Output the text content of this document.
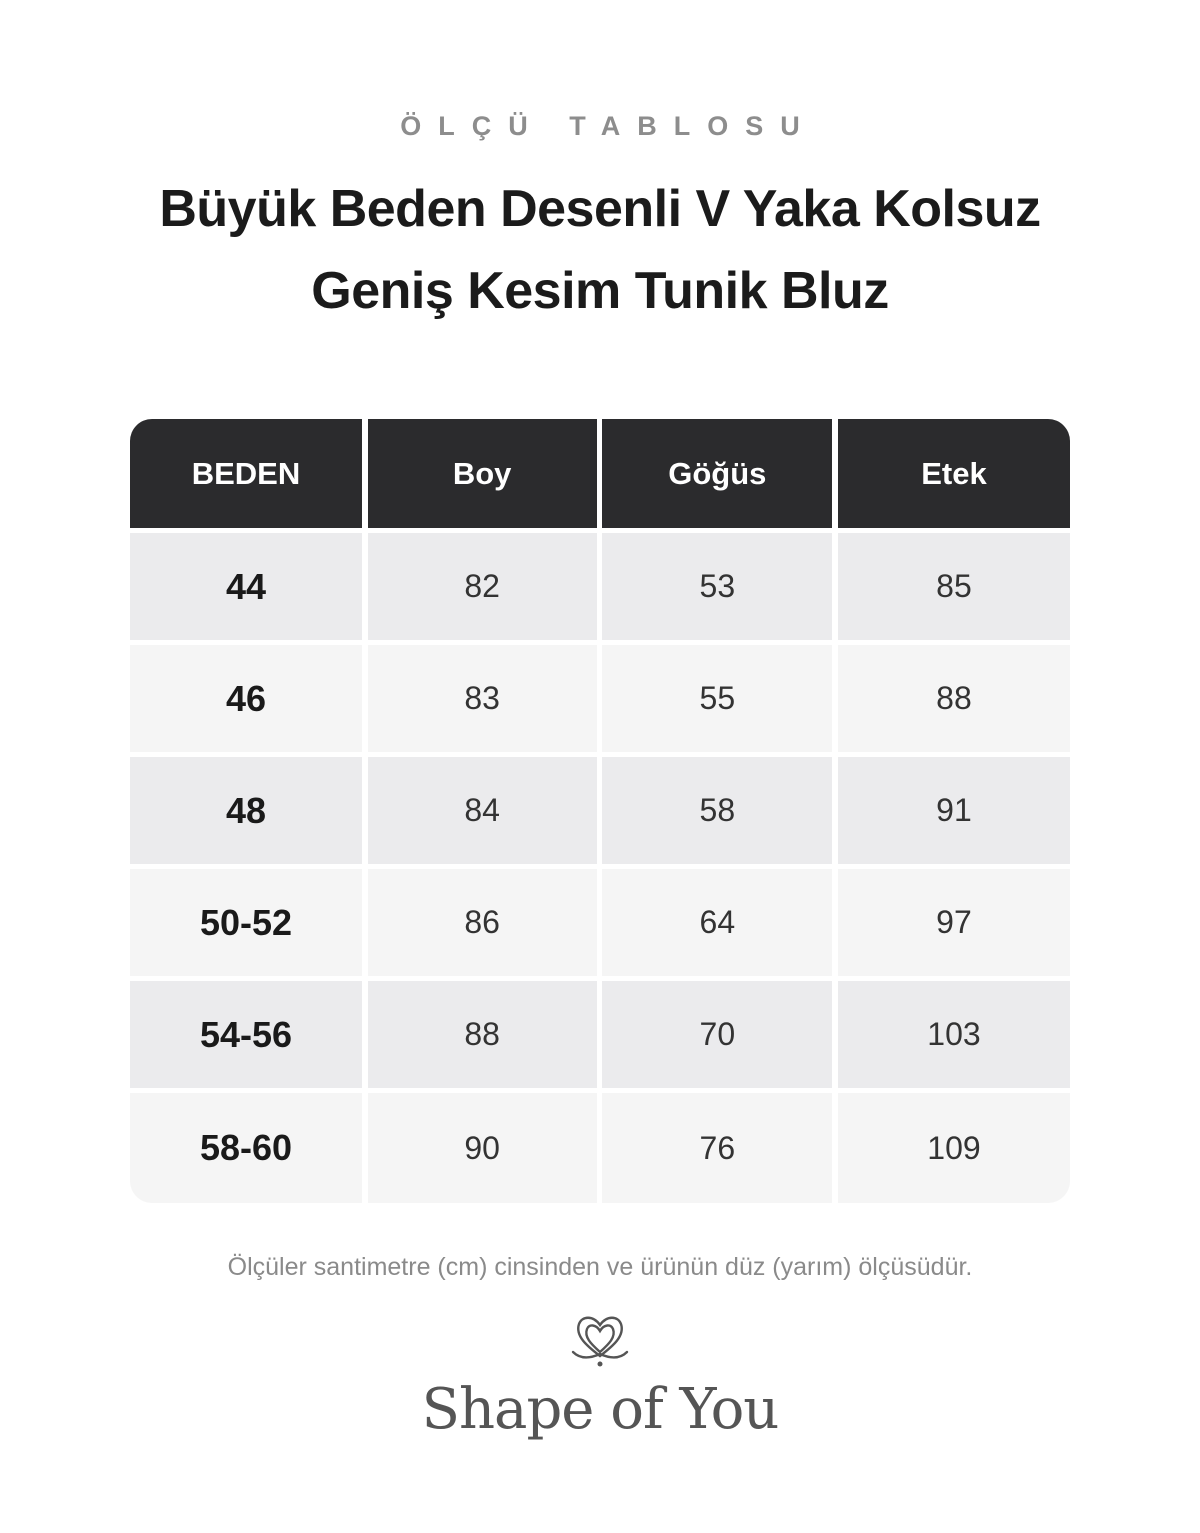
ÖLÇÜ TABLOSU
Büyük Beden Desenli V Yaka Kolsuz
Geniş Kesim Tunik Bluz
BEDEN	Boy	Göğüs	Etek
44	82	53	85
46	83	55	88
48	84	58	91
50-52	86	64	97
54-56	88	70	103
58-60	90	76	109
Ölçüler santimetre (cm) cinsinden ve ürünün düz (yarım) ölçüsüdür.
Shape of You
